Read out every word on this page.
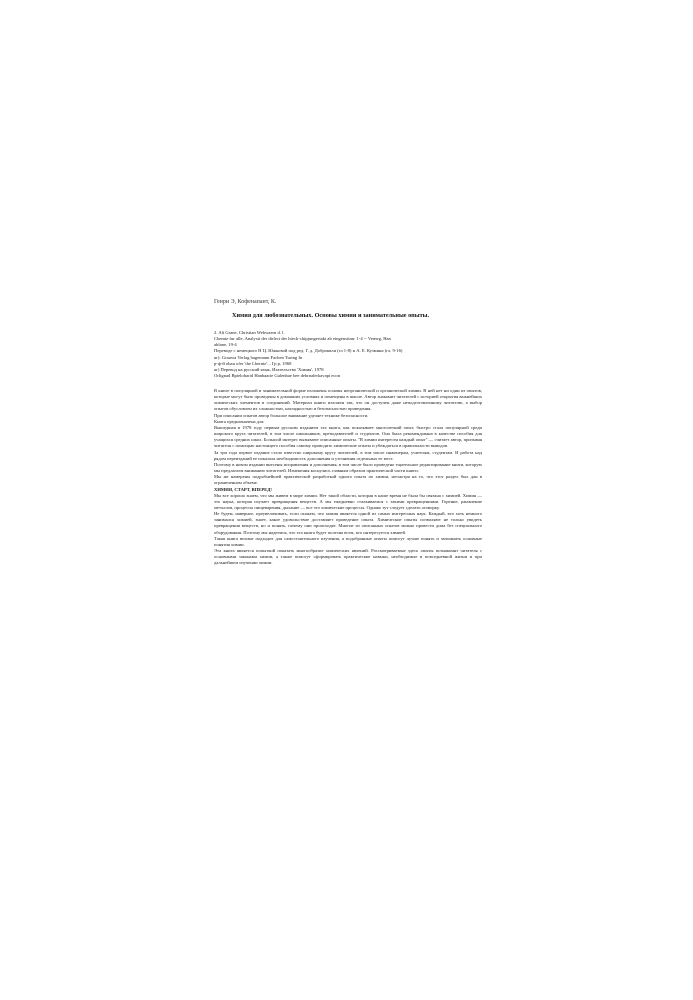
Генри Э, Кофенапант, К.
Химия для любознательных. Основы химии и занимательные опыты.
2. Alt Grane, Christian Webwaern d. l.
Chemie fur alle, Analysti der dirlect der hieck-chipjungeriakt ab eingenstinn: 1-4 -- Verneg, Han
ablane, 19-4
Переводе с немецкого Н Ц. Южковой под ред. Г. д. Доброквли (гл 1-8) и А. Е. Кузмина (гл. 9-16)
ur): Grauwa Verlag hagemann Fachen Turing In
р-ф-й ohau ofer 'the Lbernie'... Гр р, 1968
ur) Перевод на русский язык, Изательство 'Химия', 1978
Orlignad Bptelobarid Hanbaarie Gulenbae bee debrnalerkavapt econ

В книге в популярной и занимательной форме изложены основы неорганической и органической химии. В ней нет ни один из опытов, которые могут быть проведены в домашних условиях и помещены в школе. Автор знакомит читателей с историей открытия важнейших химических элементов и соединений. Материал книги изложен так, что он доступен даже неподготовленному читателю, а выбор опытов обусловлен их сложностью, наглядностью и безопасностью проведения.

При описании опытов автор большое внимание уделяет технике безопасности.

Книга предназначена для

Вышедшая в 1978 году первым русским изданием эта книга, как показывает многолетний опыт, быстро стала популярной среди широкого круга читателей, в том числе школьников, преподавателей и студентов. Она была рекомендована в качестве пособия для учащихся средних школ. Большой интерес вызывают описанные опыты. "В химии интересен каждый опыт" — считает автор, призывая читателя с помощью настоящего пособия самому проводить химические опыты и убеждаться в правильности выводов.

За три года первое издание стало известно широкому кругу читателей, в том числе инженерам, учителям, студентам. И работа над рядом переизданий ее показала необходимость дополнения и уточнения отдельных ее мест.

Поэтому в новом издании внесены исправления и дополнения, в том числе было проведено тщательное редактирование книги, которую мы предлагаем вниманию читателей. Изменения коснулись главным образом практической части книги.

Мы же намерены подробнейшей практической разработкой одного опыта по химии, несмотря на то, что этот раздел был дан в ограниченном объеме.

ХИМИЯ, СТАРТ, ВПЕРЕД!

Мы все хорошо знаем, что мы живем в мире химии. Нет такой области, которая в наше время не была бы связана с химией. Химия — это наука, которая изучает превращения веществ. А мы ежедневно сталкиваемся с такими превращениями. Горение, ржавление металлов, процессы пищеварения, дыхание — все это химические процессы. Однако тут следует сделать оговорку.

Не будем, наверное, преувеличивать, если скажем, что химия является одной из самых интересных наук. Каждый, кто хоть немного занимался химией, знает, какое удовольствие доставляет проведение опыта. Химические опыты позволяют не только увидеть превращения веществ, но и понять, почему они происходят. Многие из описанных опытов можно провести дома без специального оборудования. Поэтому мы надеемся, что эта книга будет полезна всем, кто интересуется химией.

Такая книга вполне подходит для самостоятельного изучения, а подобранные опыты помогут лучше понять и запомнить основные понятия химии.

Эта книга является попыткой показать многообразие химических явлений. Рассматриваемые здесь опыты познакомят читателя с основными законами химии, а также помогут сформировать практические навыки, необходимые в повседневной жизни и при дальнейшем изучении химии.
